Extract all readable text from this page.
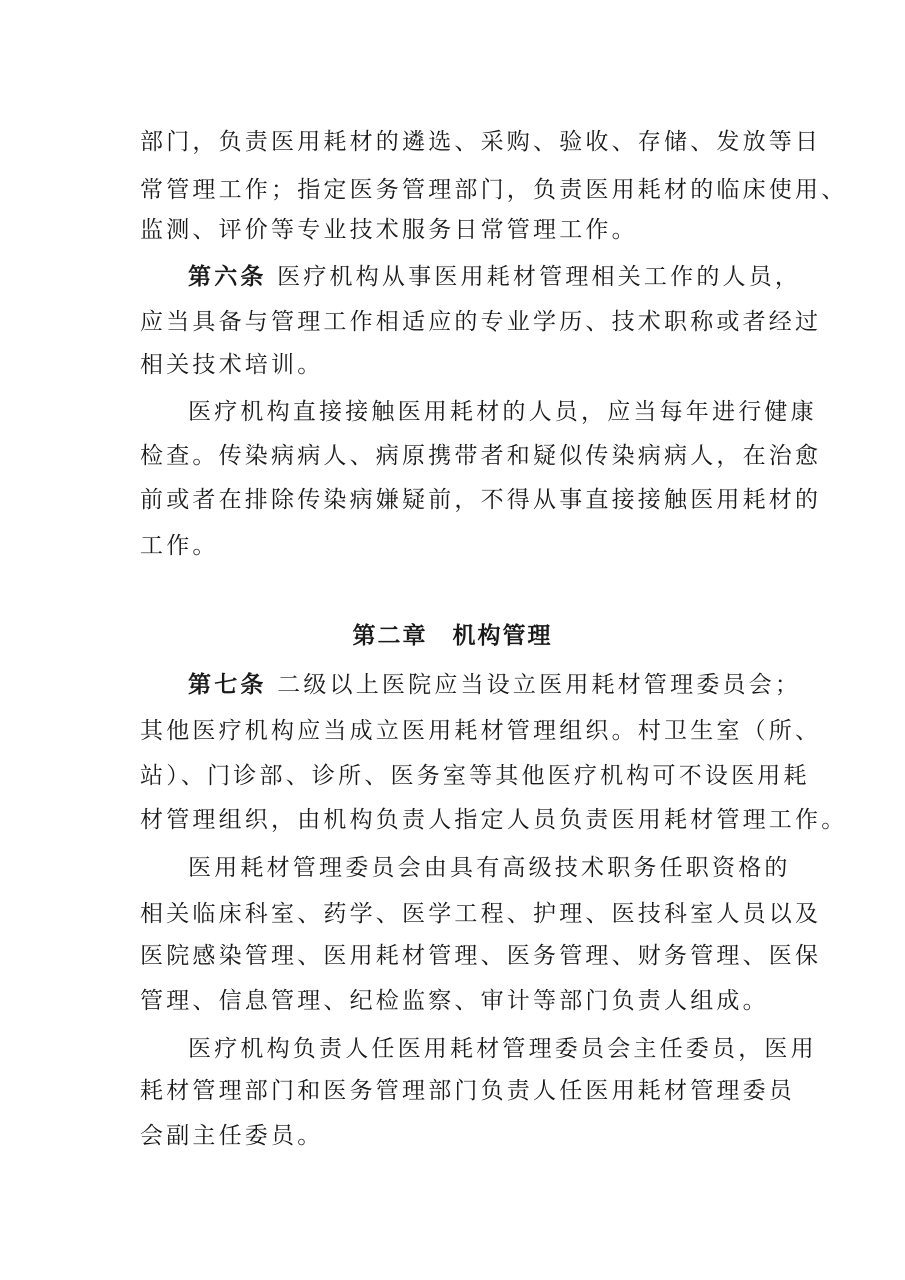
部门，负责医用耗材的遴选、采购、验收、存储、发放等日
常管理工作；指定医务管理部门，负责医用耗材的临床使用、
监测、评价等专业技术服务日常管理工作。
第六条 医疗机构从事医用耗材管理相关工作的人员，
应当具备与管理工作相适应的专业学历、技术职称或者经过
相关技术培训。
医疗机构直接接触医用耗材的人员，应当每年进行健康
检查。传染病病人、病原携带者和疑似传染病病人，在治愈
前或者在排除传染病嫌疑前，不得从事直接接触医用耗材的
工作。
第二章　机构管理
第七条 二级以上医院应当设立医用耗材管理委员会；
其他医疗机构应当成立医用耗材管理组织。村卫生室（所、
站）、门诊部、诊所、医务室等其他医疗机构可不设医用耗
材管理组织，由机构负责人指定人员负责医用耗材管理工作。
医用耗材管理委员会由具有高级技术职务任职资格的
相关临床科室、药学、医学工程、护理、医技科室人员以及
医院感染管理、医用耗材管理、医务管理、财务管理、医保
管理、信息管理、纪检监察、审计等部门负责人组成。
医疗机构负责人任医用耗材管理委员会主任委员，医用
耗材管理部门和医务管理部门负责人任医用耗材管理委员
会副主任委员。
